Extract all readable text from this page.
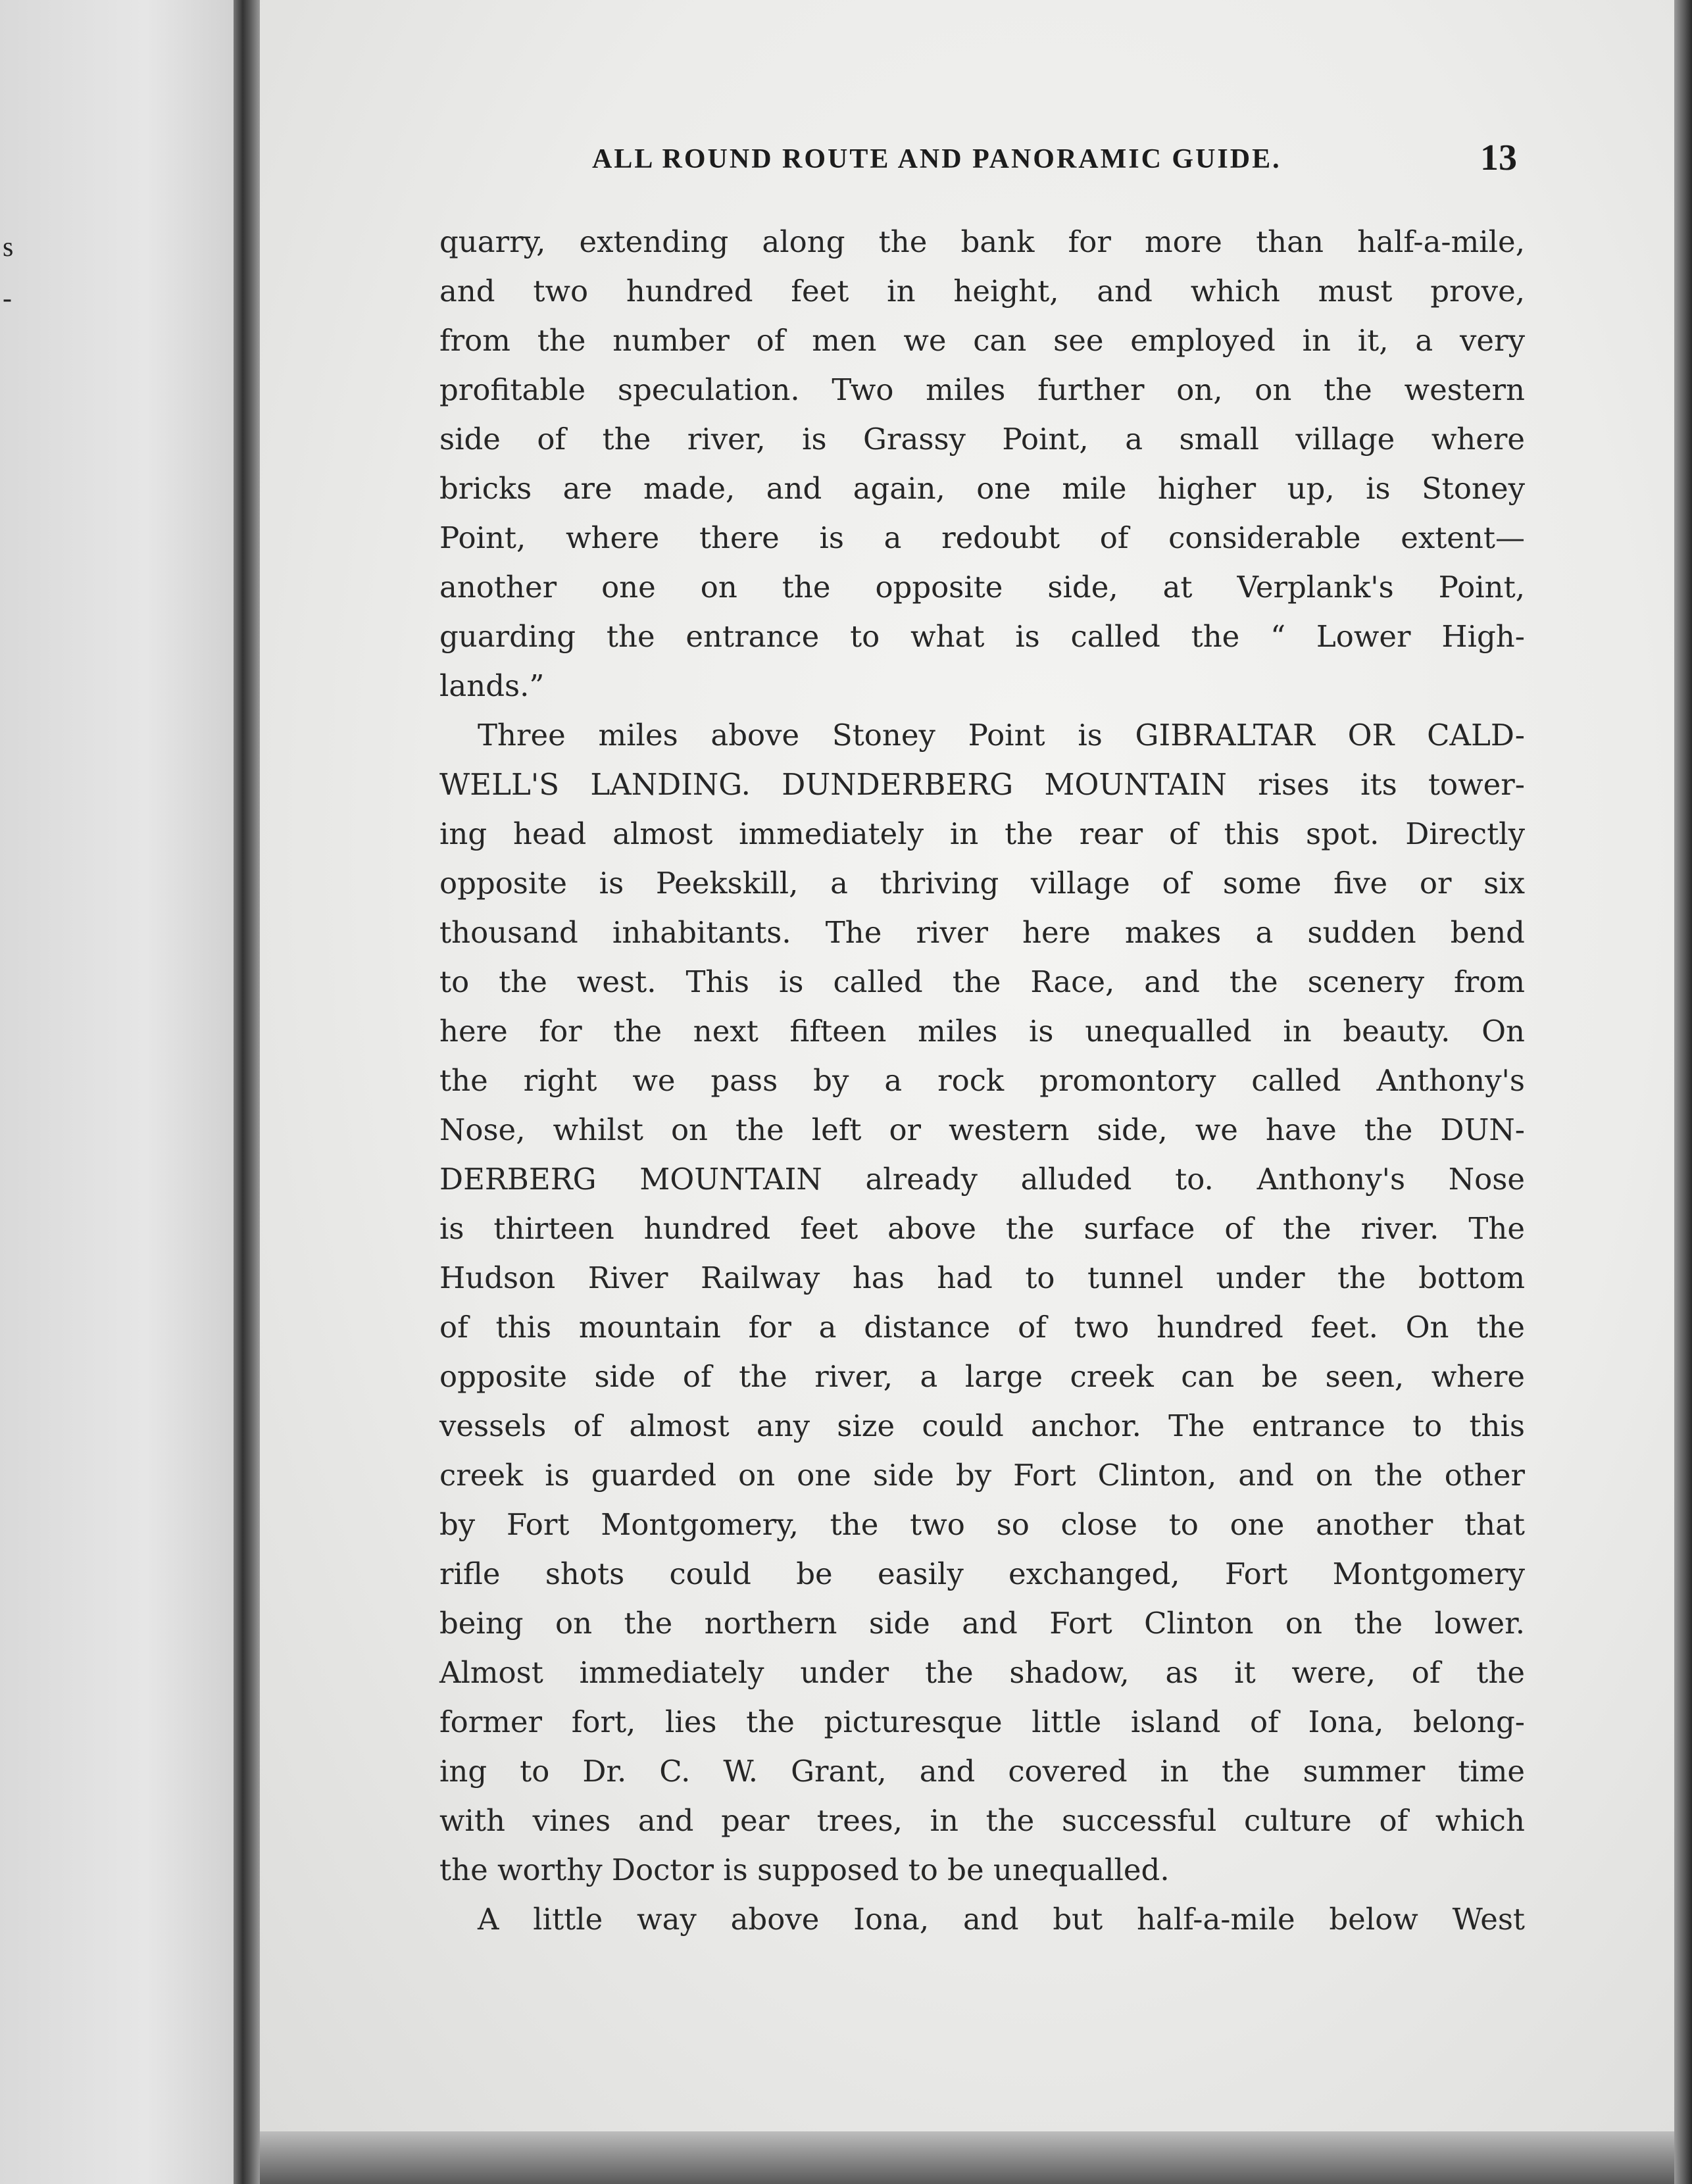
s
-
ALL ROUND ROUTE AND PANORAMIC GUIDE.	13
quarry, extending along the bank for more than half-a-mile,
and two hundred feet in height, and which must prove,
from the number of men we can see employed in it, a very
profitable speculation. Two miles further on, on the western
side of the river, is Grassy Point, a small village where
bricks are made, and again, one mile higher up, is Stoney
Point, where there is a redoubt of considerable extent—
another one on the opposite side, at Verplank's Point,
guarding the entrance to what is called the “ Lower High-
lands.”
Three miles above Stoney Point is GIBRALTAR OR CALD-
WELL'S LANDING. DUNDERBERG MOUNTAIN rises its tower-
ing head almost immediately in the rear of this spot. Directly
opposite is Peekskill, a thriving village of some five or six
thousand inhabitants. The river here makes a sudden bend
to the west. This is called the Race, and the scenery from
here for the next fifteen miles is unequalled in beauty. On
the right we pass by a rock promontory called Anthony's
Nose, whilst on the left or western side, we have the DUN-
DERBERG MOUNTAIN already alluded to. Anthony's Nose
is thirteen hundred feet above the surface of the river. The
Hudson River Railway has had to tunnel under the bottom
of this mountain for a distance of two hundred feet. On the
opposite side of the river, a large creek can be seen, where
vessels of almost any size could anchor. The entrance to this
creek is guarded on one side by Fort Clinton, and on the other
by Fort Montgomery, the two so close to one another that
rifle shots could be easily exchanged, Fort Montgomery
being on the northern side and Fort Clinton on the lower.
Almost immediately under the shadow, as it were, of the
former fort, lies the picturesque little island of Iona, belong-
ing to Dr. C. W. Grant, and covered in the summer time
with vines and pear trees, in the successful culture of which
the worthy Doctor is supposed to be unequalled.
A little way above Iona, and but half-a-mile below West
